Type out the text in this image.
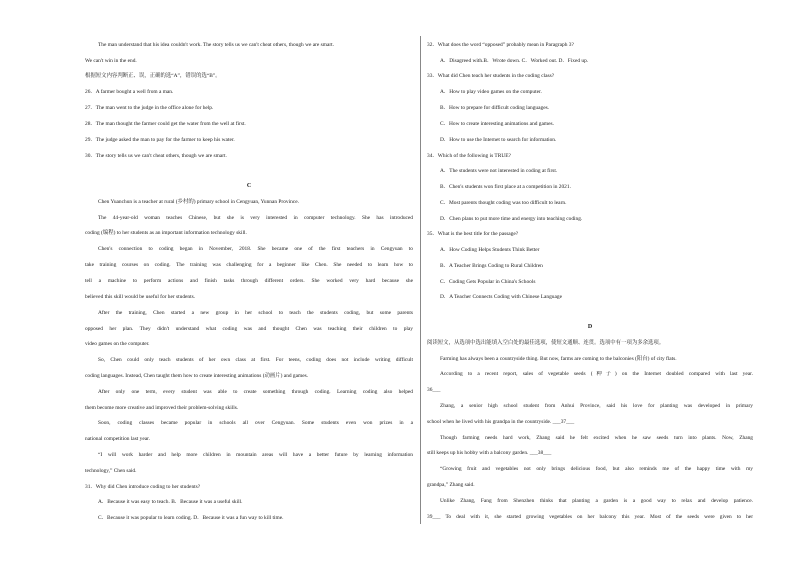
The man understand that his idea couldn't work. The story tells us we can't cheat others, though we are smart.
We can't win in the end.
根据短文内容判断正、误，正确的选“A”，错误的选“B”。
26．A farmer bought a well from a man.
27．The man went to the judge in the office alone for help.
28．The man thought the farmer could get the water from the well at first.
29．The judge asked the man to pay for the farmer to keep his water.
30．The story tells us we can't cheat others, though we are smart.
Chen Yuanchun is a teacher at rural (乡村的) primary school in Cengyuan, Yunnan Province.
The 44-year-old woman teaches Chinese, but she is very interested in computer technology. She has introduced
coding (编程) to her students as an important information technology skill.
Chen's connection to coding began in November, 2018. She became one of the first teachers in Cengyuan to
take training courses on coding. The training was challenging for a beginner like Chen. She needed to learn how to
tell a machine to perform actions and finish tasks through different orders. She worked very hard because she
believed this skill would be useful for her students.
After the training, Chen started a new group in her school to teach the students coding, but some parents
opposed her plan. They didn't understand what coding was and thought Chen was teaching their children to play
video games on the computer.
So, Chen could only teach students of her own class at first. For teens, coding does not include writing difficult
coding languages. Instead, Chen taught them how to create interesting animations (动画片) and games.
After only one term, every student was able to create something through coding. Learning coding also helped
them become more creative and improved their problem-solving skills.
Soon, coding classes became popular in schools all over Cengyuan. Some students even won prizes in a
national competition last year.
“I will work harder and help more children in mountain areas will have a better future by learning information
technology,” Chen said.
31．Why did Chen introduce coding to her students?
A．Because it was easy to teach. B．Because it was a useful skill.
C．Because it was popular to learn coding. D．Because it was a fun way to kill time.
C
32．What does the word “opposed” probably mean in Paragraph 3?
A．Disagreed with.B．Wrote down. C．Worked out. D．Fixed up.
33．What did Chen teach her students in the coding class?
A．How to play video games on the computer.
B．How to prepare for difficult coding languages.
C．How to create interesting animations and games.
D．How to use the Internet to search for information.
34．Which of the following is TRUE?
A．The students were not interested in coding at first.
B．Chen's students won first place at a competition in 2021.
C．Most parents thought coding was too difficult to learn.
D．Chen plans to put more time and energy into teaching coding.
35．What is the best title for the passage?
A．How Coding Helps Students Think Better
B．A Teacher Brings Coding to Rural Children
C．Coding Gets Popular in China's Schools
D．A Teacher Connects Coding with Chinese Language
阅读短文，从选项中选出能填入空白处的最佳选项，使短文通顺、连贯。选项中有一项为多余选项。
Farming has always been a countryside thing. But now, farms are coming to the balconies (阳台) of city flats.
According to a recent report, sales of vegetable seeds (种子) on the Internet doubled compared with last year.
36___
Zhang, a senior high school student from Anhui Province, said his love for planting was developed in primary
school when he lived with his grandpa in the countryside. ___37___
Though farming needs hard work, Zhang said he felt excited when he saw seeds turn into plants. Now, Zhang
still keeps up his hobby with a balcony garden. ___38___
“Growing fruit and vegetables not only brings delicious food, but also reminds me of the happy time with my
grandpa,” Zhang said.
Unlike Zhang, Fang from Shenzhen thinks that planting a garden is a good way to relax and develop patience.
39___ To deal with it, she started growing vegetables on her balcony this year. Most of the seeds were given to her
D
